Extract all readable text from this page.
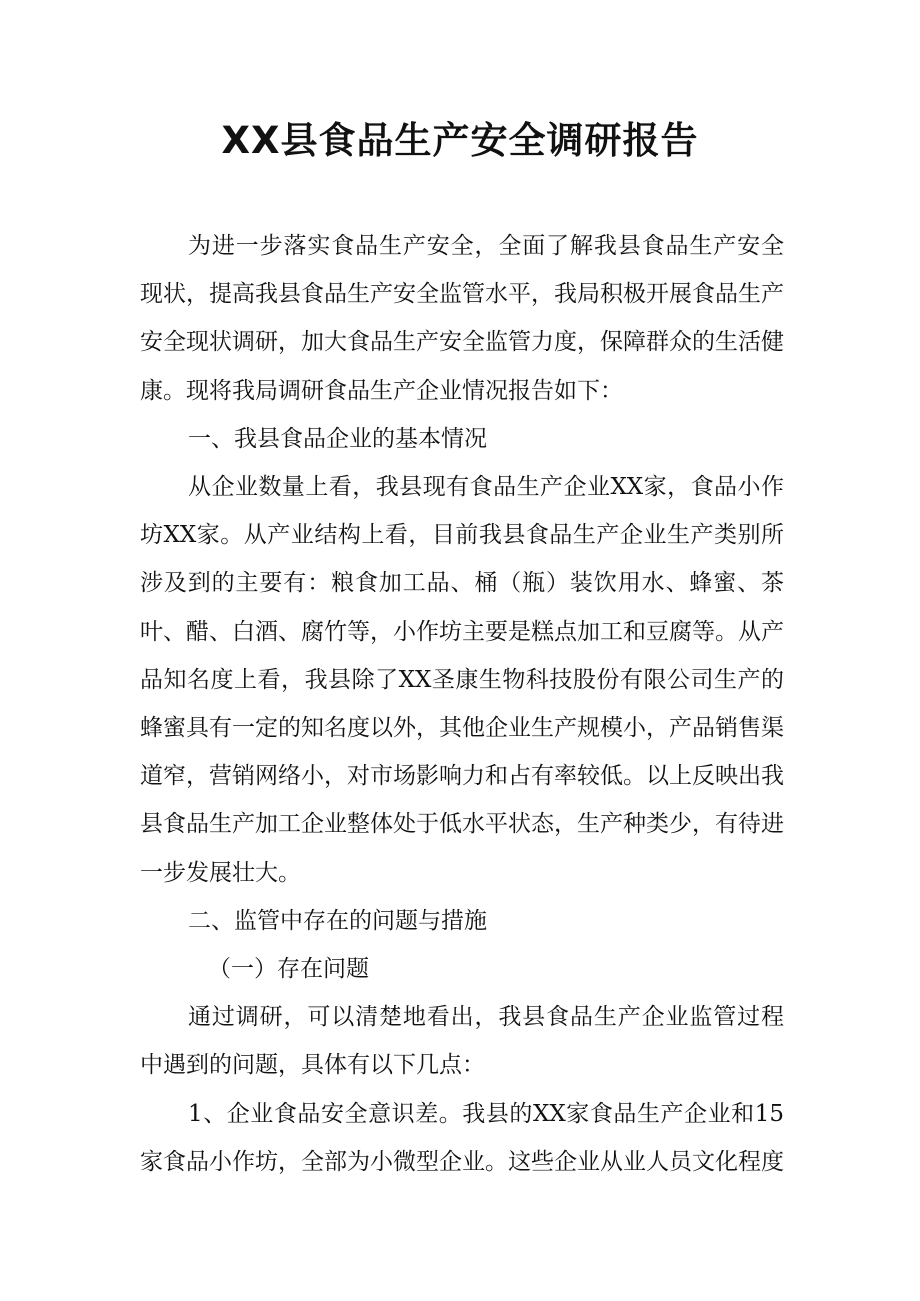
XX县食品生产安全调研报告

为进一步落实食品生产安全，全面了解我县食品生产安全现状，提高我县食品生产安全监管水平，我局积极开展食品生产安全现状调研，加大食品生产安全监管力度，保障群众的生活健康。现将我局调研食品生产企业情况报告如下：

一、我县食品企业的基本情况

从企业数量上看，我县现有食品生产企业XX家，食品小作坊XX家。从产业结构上看，目前我县食品生产企业生产类别所涉及到的主要有：粮食加工品、桶（瓶）装饮用水、蜂蜜、茶叶、醋、白酒、腐竹等，小作坊主要是糕点加工和豆腐等。从产品知名度上看，我县除了XX圣康生物科技股份有限公司生产的蜂蜜具有一定的知名度以外，其他企业生产规模小，产品销售渠道窄，营销网络小，对市场影响力和占有率较低。以上反映出我县食品生产加工企业整体处于低水平状态，生产种类少，有待进一步发展壮大。

二、监管中存在的问题与措施

（一）存在问题

通过调研，可以清楚地看出，我县食品生产企业监管过程中遇到的问题，具体有以下几点：

1、企业食品安全意识差。我县的XX家食品生产企业和15家食品小作坊，全部为小微型企业。这些企业从业人员文化程度
